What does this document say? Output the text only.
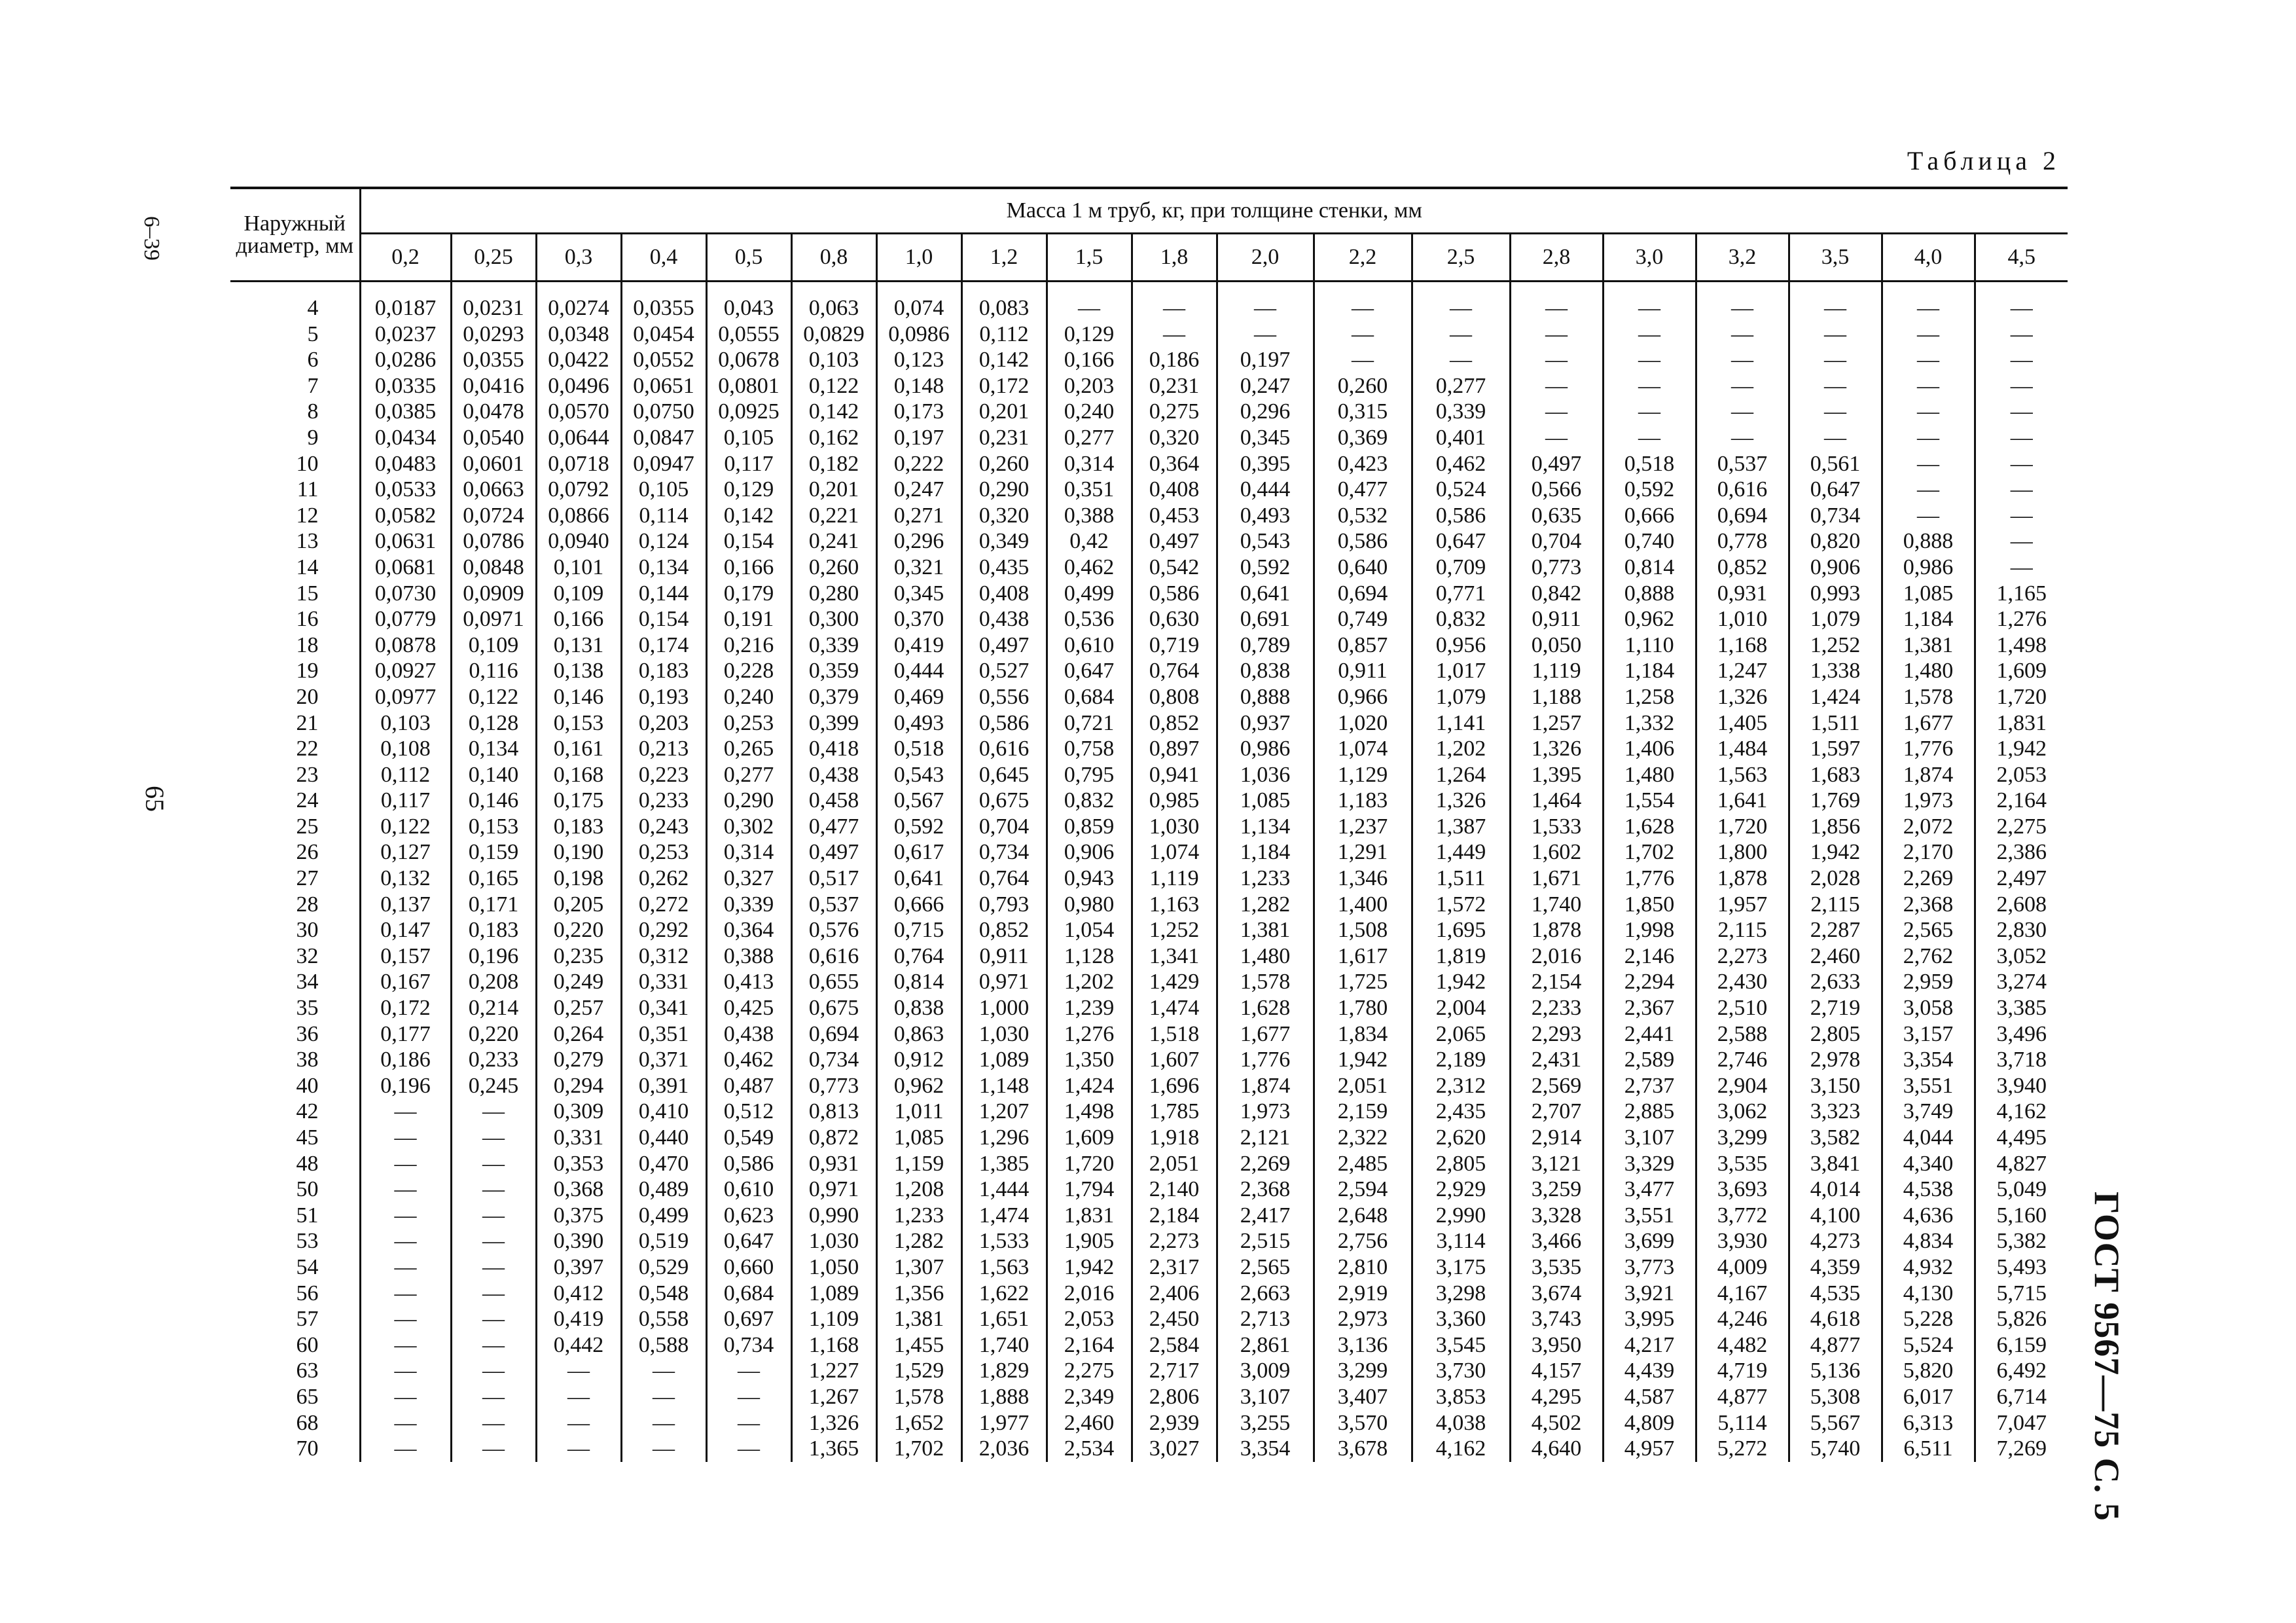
6–39
65
ГОСТ 9567—75 С. 5
Таблица 2
Наружный диаметр, мм	Масса 1 м труб, кг, при толщине стенки, мм																		
	0,2	0,25	0,3	0,4	0,5	0,8	1,0	1,2	1,5	1,8	2,0	2,2	2,5	2,8	3,0	3,2	3,5	4,0	4,5
4	0,0187	0,0231	0,0274	0,0355	0,043	0,063	0,074	0,083	—	—	—	—	—	—	—	—	—	—	—
5	0,0237	0,0293	0,0348	0,0454	0,0555	0,0829	0,0986	0,112	0,129	—	—	—	—	—	—	—	—	—	—
6	0,0286	0,0355	0,0422	0,0552	0,0678	0,103	0,123	0,142	0,166	0,186	0,197	—	—	—	—	—	—	—	—
7	0,0335	0,0416	0,0496	0,0651	0,0801	0,122	0,148	0,172	0,203	0,231	0,247	0,260	0,277	—	—	—	—	—	—
8	0,0385	0,0478	0,0570	0,0750	0,0925	0,142	0,173	0,201	0,240	0,275	0,296	0,315	0,339	—	—	—	—	—	—
9	0,0434	0,0540	0,0644	0,0847	0,105	0,162	0,197	0,231	0,277	0,320	0,345	0,369	0,401	—	—	—	—	—	—
10	0,0483	0,0601	0,0718	0,0947	0,117	0,182	0,222	0,260	0,314	0,364	0,395	0,423	0,462	0,497	0,518	0,537	0,561	—	—
11	0,0533	0,0663	0,0792	0,105	0,129	0,201	0,247	0,290	0,351	0,408	0,444	0,477	0,524	0,566	0,592	0,616	0,647	—	—
12	0,0582	0,0724	0,0866	0,114	0,142	0,221	0,271	0,320	0,388	0,453	0,493	0,532	0,586	0,635	0,666	0,694	0,734	—	—
13	0,0631	0,0786	0,0940	0,124	0,154	0,241	0,296	0,349	0,42	0,497	0,543	0,586	0,647	0,704	0,740	0,778	0,820	0,888	—
14	0,0681	0,0848	0,101	0,134	0,166	0,260	0,321	0,435	0,462	0,542	0,592	0,640	0,709	0,773	0,814	0,852	0,906	0,986	—
15	0,0730	0,0909	0,109	0,144	0,179	0,280	0,345	0,408	0,499	0,586	0,641	0,694	0,771	0,842	0,888	0,931	0,993	1,085	1,165
16	0,0779	0,0971	0,166	0,154	0,191	0,300	0,370	0,438	0,536	0,630	0,691	0,749	0,832	0,911	0,962	1,010	1,079	1,184	1,276
18	0,0878	0,109	0,131	0,174	0,216	0,339	0,419	0,497	0,610	0,719	0,789	0,857	0,956	0,050	1,110	1,168	1,252	1,381	1,498
19	0,0927	0,116	0,138	0,183	0,228	0,359	0,444	0,527	0,647	0,764	0,838	0,911	1,017	1,119	1,184	1,247	1,338	1,480	1,609
20	0,0977	0,122	0,146	0,193	0,240	0,379	0,469	0,556	0,684	0,808	0,888	0,966	1,079	1,188	1,258	1,326	1,424	1,578	1,720
21	0,103	0,128	0,153	0,203	0,253	0,399	0,493	0,586	0,721	0,852	0,937	1,020	1,141	1,257	1,332	1,405	1,511	1,677	1,831
22	0,108	0,134	0,161	0,213	0,265	0,418	0,518	0,616	0,758	0,897	0,986	1,074	1,202	1,326	1,406	1,484	1,597	1,776	1,942
23	0,112	0,140	0,168	0,223	0,277	0,438	0,543	0,645	0,795	0,941	1,036	1,129	1,264	1,395	1,480	1,563	1,683	1,874	2,053
24	0,117	0,146	0,175	0,233	0,290	0,458	0,567	0,675	0,832	0,985	1,085	1,183	1,326	1,464	1,554	1,641	1,769	1,973	2,164
25	0,122	0,153	0,183	0,243	0,302	0,477	0,592	0,704	0,859	1,030	1,134	1,237	1,387	1,533	1,628	1,720	1,856	2,072	2,275
26	0,127	0,159	0,190	0,253	0,314	0,497	0,617	0,734	0,906	1,074	1,184	1,291	1,449	1,602	1,702	1,800	1,942	2,170	2,386
27	0,132	0,165	0,198	0,262	0,327	0,517	0,641	0,764	0,943	1,119	1,233	1,346	1,511	1,671	1,776	1,878	2,028	2,269	2,497
28	0,137	0,171	0,205	0,272	0,339	0,537	0,666	0,793	0,980	1,163	1,282	1,400	1,572	1,740	1,850	1,957	2,115	2,368	2,608
30	0,147	0,183	0,220	0,292	0,364	0,576	0,715	0,852	1,054	1,252	1,381	1,508	1,695	1,878	1,998	2,115	2,287	2,565	2,830
32	0,157	0,196	0,235	0,312	0,388	0,616	0,764	0,911	1,128	1,341	1,480	1,617	1,819	2,016	2,146	2,273	2,460	2,762	3,052
34	0,167	0,208	0,249	0,331	0,413	0,655	0,814	0,971	1,202	1,429	1,578	1,725	1,942	2,154	2,294	2,430	2,633	2,959	3,274
35	0,172	0,214	0,257	0,341	0,425	0,675	0,838	1,000	1,239	1,474	1,628	1,780	2,004	2,233	2,367	2,510	2,719	3,058	3,385
36	0,177	0,220	0,264	0,351	0,438	0,694	0,863	1,030	1,276	1,518	1,677	1,834	2,065	2,293	2,441	2,588	2,805	3,157	3,496
38	0,186	0,233	0,279	0,371	0,462	0,734	0,912	1,089	1,350	1,607	1,776	1,942	2,189	2,431	2,589	2,746	2,978	3,354	3,718
40	0,196	0,245	0,294	0,391	0,487	0,773	0,962	1,148	1,424	1,696	1,874	2,051	2,312	2,569	2,737	2,904	3,150	3,551	3,940
42	—	—	0,309	0,410	0,512	0,813	1,011	1,207	1,498	1,785	1,973	2,159	2,435	2,707	2,885	3,062	3,323	3,749	4,162
45	—	—	0,331	0,440	0,549	0,872	1,085	1,296	1,609	1,918	2,121	2,322	2,620	2,914	3,107	3,299	3,582	4,044	4,495
48	—	—	0,353	0,470	0,586	0,931	1,159	1,385	1,720	2,051	2,269	2,485	2,805	3,121	3,329	3,535	3,841	4,340	4,827
50	—	—	0,368	0,489	0,610	0,971	1,208	1,444	1,794	2,140	2,368	2,594	2,929	3,259	3,477	3,693	4,014	4,538	5,049
51	—	—	0,375	0,499	0,623	0,990	1,233	1,474	1,831	2,184	2,417	2,648	2,990	3,328	3,551	3,772	4,100	4,636	5,160
53	—	—	0,390	0,519	0,647	1,030	1,282	1,533	1,905	2,273	2,515	2,756	3,114	3,466	3,699	3,930	4,273	4,834	5,382
54	—	—	0,397	0,529	0,660	1,050	1,307	1,563	1,942	2,317	2,565	2,810	3,175	3,535	3,773	4,009	4,359	4,932	5,493
56	—	—	0,412	0,548	0,684	1,089	1,356	1,622	2,016	2,406	2,663	2,919	3,298	3,674	3,921	4,167	4,535	4,130	5,715
57	—	—	0,419	0,558	0,697	1,109	1,381	1,651	2,053	2,450	2,713	2,973	3,360	3,743	3,995	4,246	4,618	5,228	5,826
60	—	—	0,442	0,588	0,734	1,168	1,455	1,740	2,164	2,584	2,861	3,136	3,545	3,950	4,217	4,482	4,877	5,524	6,159
63	—	—	—	—	—	1,227	1,529	1,829	2,275	2,717	3,009	3,299	3,730	4,157	4,439	4,719	5,136	5,820	6,492
65	—	—	—	—	—	1,267	1,578	1,888	2,349	2,806	3,107	3,407	3,853	4,295	4,587	4,877	5,308	6,017	6,714
68	—	—	—	—	—	1,326	1,652	1,977	2,460	2,939	3,255	3,570	4,038	4,502	4,809	5,114	5,567	6,313	7,047
70	—	—	—	—	—	1,365	1,702	2,036	2,534	3,027	3,354	3,678	4,162	4,640	4,957	5,272	5,740	6,511	7,269
